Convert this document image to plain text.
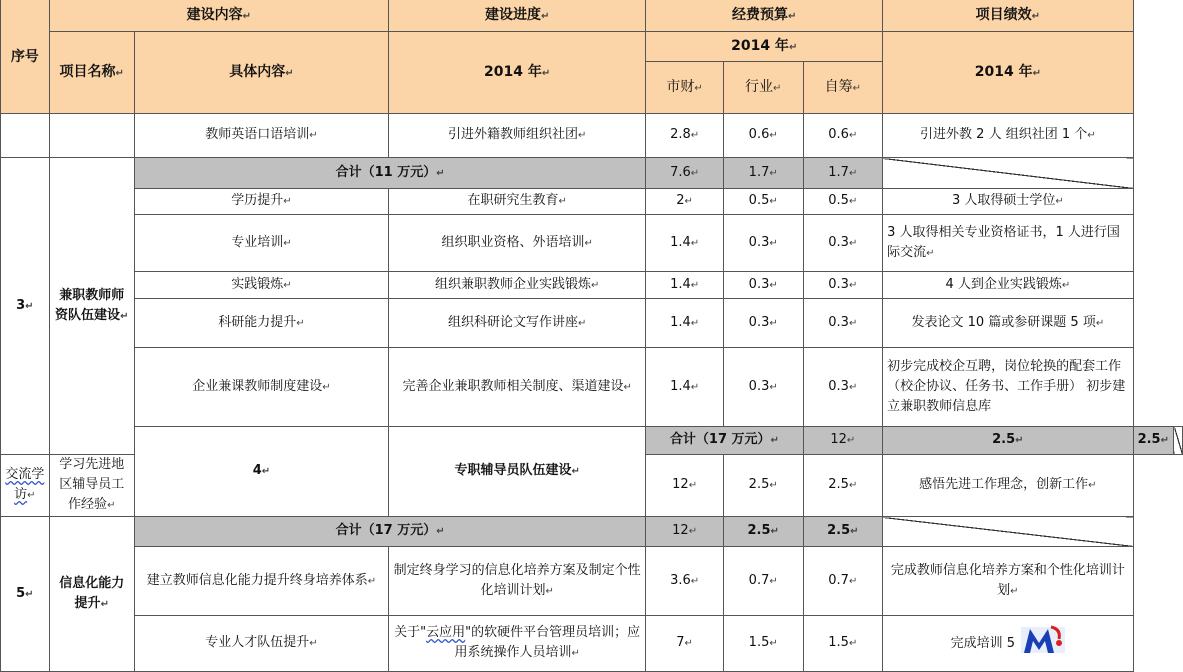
序号	建设内容↵		建设进度↵	经费预算↵			项目绩效↵		
	项目名称↵	具体内容↵	2014 年↵	2014 年↵			2014 年↵		
				市财↵	行业↵	自筹↵			
		教师英语口语培训↵	引进外籍教师组织社团↵	2.8↵	0.6↵	0.6↵	引进外教 2 人 组织社团 1 个↵		
3↵	兼职教师师资队伍建设↵	合计（11 万元）↵		7.6↵	1.7↵	1.7↵			
		学历提升↵	在职研究生教育↵	2↵	0.5↵	0.5↵	3 人取得硕士学位↵		
		专业培训↵	组织职业资格、外语培训↵	1.4↵	0.3↵	0.3↵	3 人取得相关专业资格证书，1 人进行国际交流↵		
		实践锻炼↵	组织兼职教师企业实践锻炼↵	1.4↵	0.3↵	0.3↵	4 人到企业实践锻炼↵		
		科研能力提升↵	组织科研论文写作讲座↵	1.4↵	0.3↵	0.3↵	发表论文 10 篇或参研课题 5 项↵		
		企业兼课教师制度建设↵	完善企业兼职教师相关制度、渠道建设↵	1.4↵	0.3↵	0.3↵	初步完成校企互聘，岗位轮换的配套工作（校企协议、任务书、工作手册） 初步建立兼职教师信息库		
		4↵	专职辅导员队伍建设↵	合计（17 万元）↵		12↵	2.5↵	2.5↵	
交流学访↵	学习先进地区辅导员工作经验↵			12↵	2.5↵	2.5↵	感悟先进工作理念，创新工作↵		
5↵	信息化能力提升↵	合计（17 万元）↵		12↵	2.5↵	2.5↵			
		建立教师信息化能力提升终身培养体系↵	制定终身学习的信息化培养方案及制定个性化培训计划↵	3.6↵	0.7↵	0.7↵	完成教师信息化培养方案和个性化培训计划↵		
		专业人才队伍提升↵	关于"云应用"的软硬件平台管理员培训；应用系统操作人员培训↵	7↵	1.5↵	1.5↵	完成培训 5		
